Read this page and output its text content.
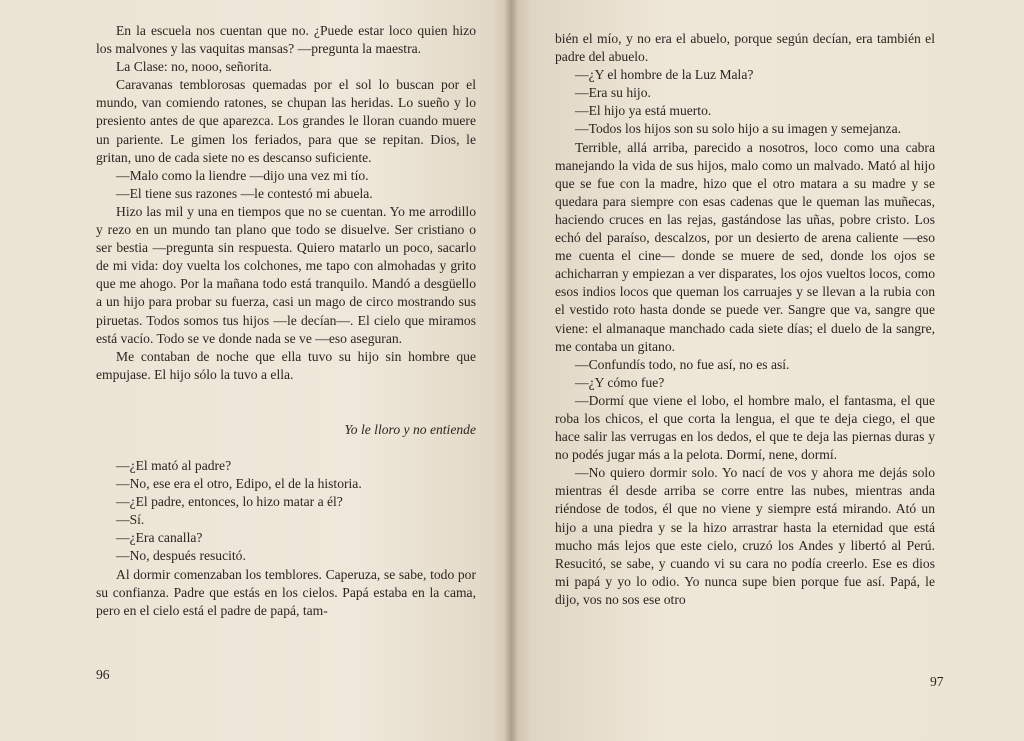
En la escuela nos cuentan que no. ¿Puede estar loco quien hizo los malvones y las vaquitas mansas? —pregunta la maestra.

La Clase: no, nooo, señorita.

Caravanas temblorosas quemadas por el sol lo buscan por el mundo, van comiendo ratones, se chupan las heridas. Lo sueño y lo presiento antes de que aparezca. Los grandes le lloran cuando muere un pariente. Le gimen los feriados, para que se repitan. Dios, le gritan, uno de cada siete no es descanso suficiente.

—Malo como la liendre —dijo una vez mi tío.

—El tiene sus razones —le contestó mi abuela.

Hizo las mil y una en tiempos que no se cuentan. Yo me arrodillo y rezo en un mundo tan plano que todo se disuelve. Ser cristiano o ser bestia —pregunta sin respuesta. Quiero matarlo un poco, sacarlo de mi vida: doy vuelta los colchones, me tapo con almohadas y grito que me ahogo. Por la mañana todo está tranquilo. Mandó a desgüello a un hijo para probar su fuerza, casi un mago de circo mostrando sus piruetas. Todos somos tus hijos —le decían—. El cielo que miramos está vacío. Todo se ve donde nada se ve —eso aseguran.

Me contaban de noche que ella tuvo su hijo sin hombre que empujase. El hijo sólo la tuvo a ella.

Yo le lloro y no entiende

—¿El mató al padre?

—No, ese era el otro, Edipo, el de la historia.

—¿El padre, entonces, lo hizo matar a él?

—Sí.

—¿Era canalla?

—No, después resucitó.

Al dormir comenzaban los temblores. Caperuza, se sabe, todo por su confianza. Padre que estás en los cielos. Papá estaba en la cama, pero en el cielo está el padre de papá, tam-

96

bién el mío, y no era el abuelo, porque según decían, era también el padre del abuelo.

—¿Y el hombre de la Luz Mala?

—Era su hijo.

—El hijo ya está muerto.

—Todos los hijos son su solo hijo a su imagen y semejanza.

Terrible, allá arriba, parecido a nosotros, loco como una cabra manejando la vida de sus hijos, malo como un malvado. Mató al hijo que se fue con la madre, hizo que el otro matara a su madre y se quedara para siempre con esas cadenas que le queman las muñecas, haciendo cruces en las rejas, gastándose las uñas, pobre cristo. Los echó del paraíso, descalzos, por un desierto de arena caliente —eso me cuenta el cine— donde se muere de sed, donde los ojos se achicharran y empiezan a ver disparates, los ojos vueltos locos, como esos indios locos que queman los carruajes y se llevan a la rubia con el vestido roto hasta donde se puede ver. Sangre que va, sangre que viene: el almanaque manchado cada siete días; el duelo de la sangre, me contaba un gitano.

—Confundís todo, no fue así, no es así.

—¿Y cómo fue?

—Dormí que viene el lobo, el hombre malo, el fantasma, el que roba los chicos, el que corta la lengua, el que te deja ciego, el que hace salir las verrugas en los dedos, el que te deja las piernas duras y no podés jugar más a la pelota. Dormí, nene, dormí.

—No quiero dormir solo. Yo nací de vos y ahora me dejás solo mientras él desde arriba se corre entre las nubes, mientras anda riéndose de todos, él que no viene y siempre está mirando. Ató un hijo a una piedra y se la hizo arrastrar hasta la eternidad que está mucho más lejos que este cielo, cruzó los Andes y libertó al Perú. Resucitó, se sabe, y cuando vi su cara no podía creerlo. Ese es dios mi papá y yo lo odio. Yo nunca supe bien porque fue así. Papá, le dijo, vos no sos ese otro

97
